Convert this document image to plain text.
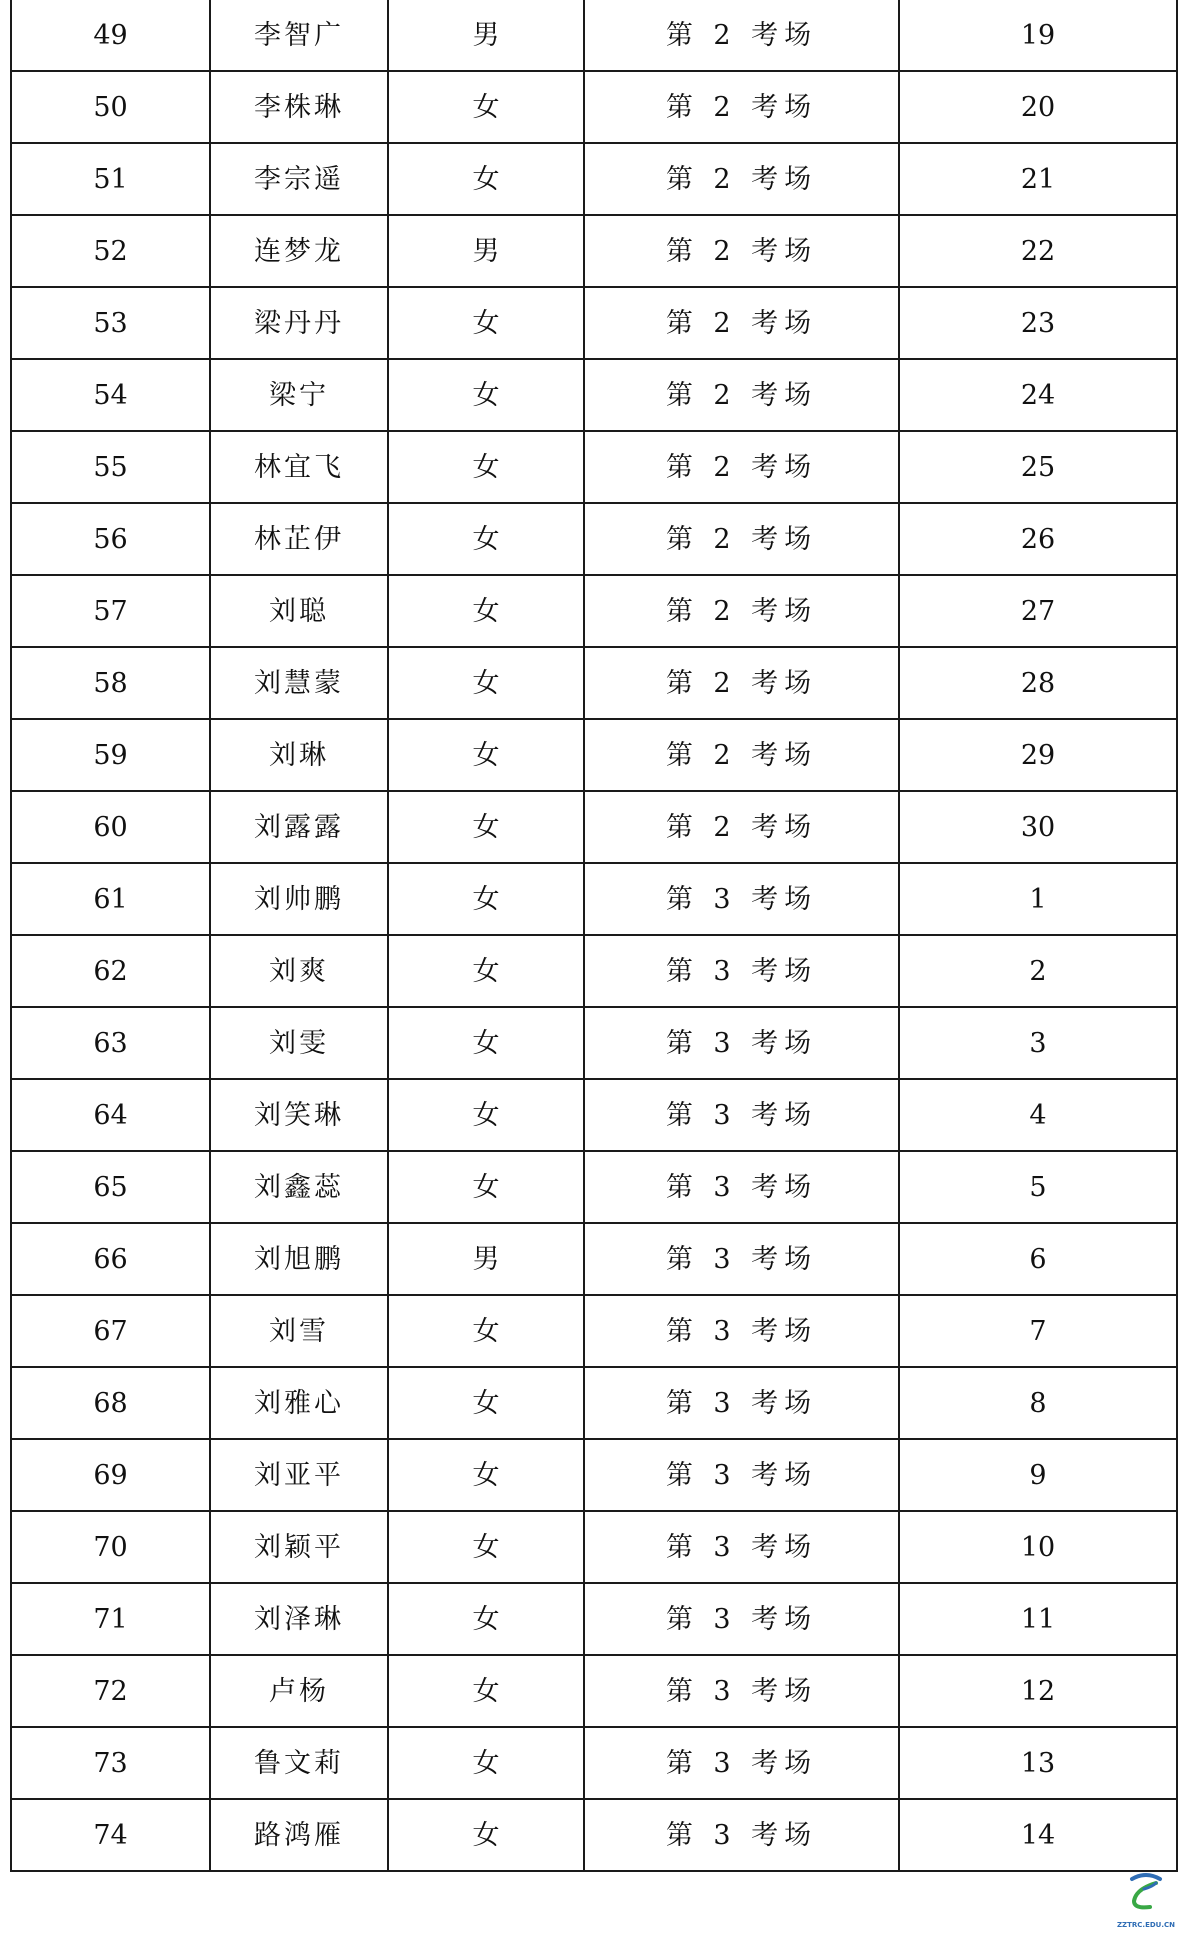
49	李智广	男	第 2 考场	19
50	李株琳	女	第 2 考场	20
51	李宗遥	女	第 2 考场	21
52	连梦龙	男	第 2 考场	22
53	梁丹丹	女	第 2 考场	23
54	梁宁	女	第 2 考场	24
55	林宜飞	女	第 2 考场	25
56	林芷伊	女	第 2 考场	26
57	刘聪	女	第 2 考场	27
58	刘慧蒙	女	第 2 考场	28
59	刘琳	女	第 2 考场	29
60	刘露露	女	第 2 考场	30
61	刘帅鹏	女	第 3 考场	1
62	刘爽	女	第 3 考场	2
63	刘雯	女	第 3 考场	3
64	刘笑琳	女	第 3 考场	4
65	刘鑫蕊	女	第 3 考场	5
66	刘旭鹏	男	第 3 考场	6
67	刘雪	女	第 3 考场	7
68	刘雅心	女	第 3 考场	8
69	刘亚平	女	第 3 考场	9
70	刘颖平	女	第 3 考场	10
71	刘泽琳	女	第 3 考场	11
72	卢杨	女	第 3 考场	12
73	鲁文莉	女	第 3 考场	13
74	路鸿雁	女	第 3 考场	14
ZZTRC.EDU.CN
